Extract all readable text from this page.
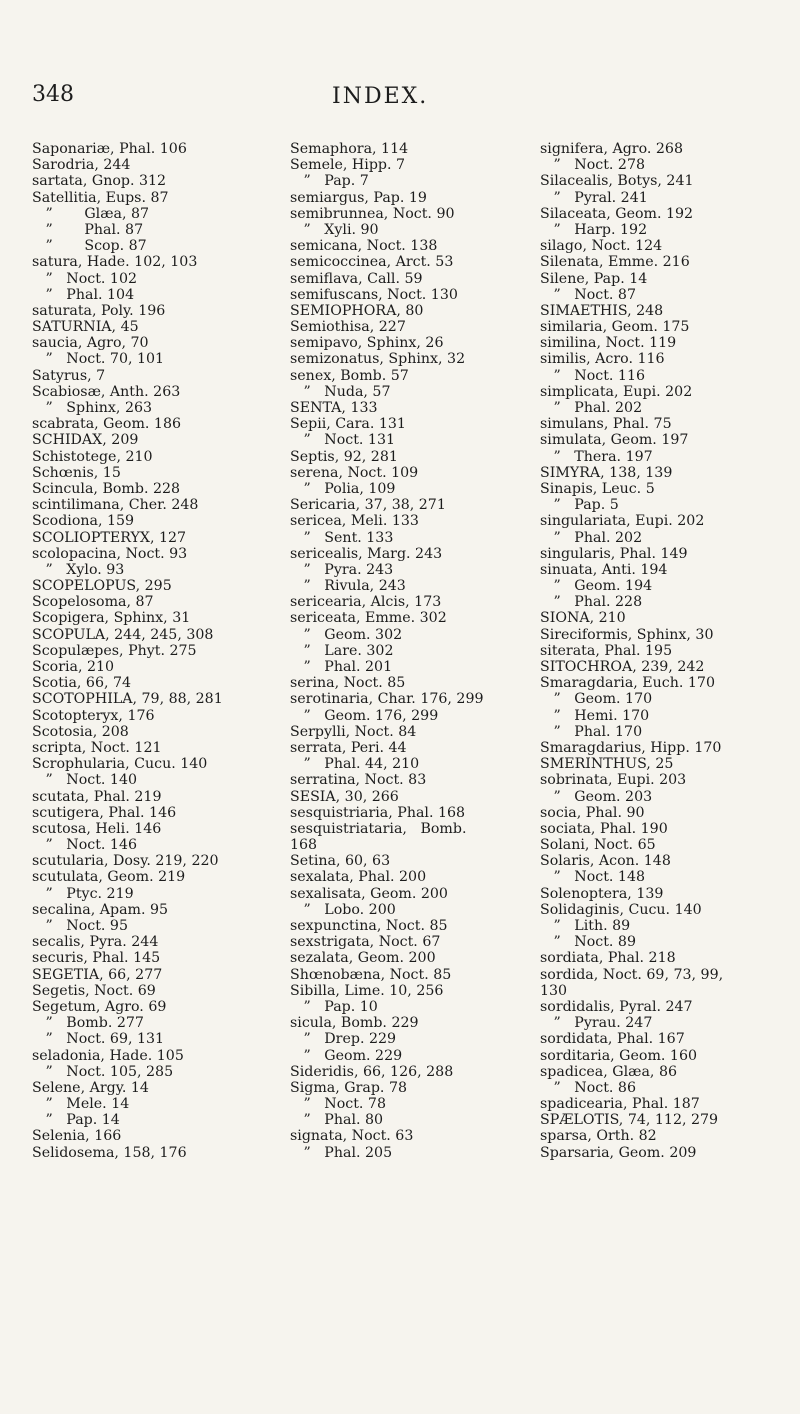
348	INDEX.
Saponariæ, Phal. 106
Sarodria, 244
sartata, Gnop. 312
Satellitia, Eups. 87
”       Glæa, 87
”       Phal. 87
”       Scop. 87
satura, Hade. 102, 103
”   Noct. 102
”   Phal. 104
saturata, Poly. 196
SATURNIA, 45
saucia, Agro, 70
”   Noct. 70, 101
Satyrus, 7
Scabiosæ, Anth. 263
”   Sphinx, 263
scabrata, Geom. 186
SCHIDAX, 209
Schistotege, 210
Schœnis, 15
Scincula, Bomb. 228
scintilimana, Cher. 248
Scodiona, 159
SCOLIOPTERYX, 127
scolopacina, Noct. 93
”   Xylo. 93
SCOPELOPUS, 295
Scopelosoma, 87
Scopigera, Sphinx, 31
SCOPULA, 244, 245, 308
Scopulæpes, Phyt. 275
Scoria, 210
Scotia, 66, 74
SCOTOPHILA, 79, 88, 281
Scotopteryx, 176
Scotosia, 208
scripta, Noct. 121
Scrophularia, Cucu. 140
”   Noct. 140
scutata, Phal. 219
scutigera, Phal. 146
scutosa, Heli. 146
”   Noct. 146
scutularia, Dosy. 219, 220
scutulata, Geom. 219
”   Ptyc. 219
secalina, Apam. 95
”   Noct. 95
secalis, Pyra. 244
securis, Phal. 145
SEGETIA, 66, 277
Segetis, Noct. 69
Segetum, Agro. 69
”   Bomb. 277
”   Noct. 69, 131
seladonia, Hade. 105
”   Noct. 105, 285
Selene, Argy. 14
”   Mele. 14
”   Pap. 14
Selenia, 166
Selidosema, 158, 176
Semaphora, 114
Semele, Hipp. 7
”   Pap. 7
semiargus, Pap. 19
semibrunnea, Noct. 90
”   Xyli. 90
semicana, Noct. 138
semicoccinea, Arct. 53
semiflava, Call. 59
semifuscans, Noct. 130
SEMIOPHORA, 80
Semiothisa, 227
semipavo, Sphinx, 26
semizonatus, Sphinx, 32
senex, Bomb. 57
”   Nuda, 57
SENTA, 133
Sepii, Cara. 131
”   Noct. 131
Septis, 92, 281
serena, Noct. 109
”   Polia, 109
Sericaria, 37, 38, 271
sericea, Meli. 133
”   Sent. 133
sericealis, Marg. 243
”   Pyra. 243
”   Rivula, 243
sericearia, Alcis, 173
sericeata, Emme. 302
”   Geom. 302
”   Lare. 302
”   Phal. 201
serina, Noct. 85
serotinaria, Char. 176, 299
”   Geom. 176, 299
Serpylli, Noct. 84
serrata, Peri. 44
”   Phal. 44, 210
serratina, Noct. 83
SESIA, 30, 266
sesquistriaria, Phal. 168
sesquistriataria,   Bomb.
168
Setina, 60, 63
sexalata, Phal. 200
sexalisata, Geom. 200
”   Lobo. 200
sexpunctina, Noct. 85
sexstrigata, Noct. 67
sezalata, Geom. 200
Shœnobæna, Noct. 85
Sibilla, Lime. 10, 256
”   Pap. 10
sicula, Bomb. 229
”   Drep. 229
”   Geom. 229
Sideridis, 66, 126, 288
Sigma, Grap. 78
”   Noct. 78
”   Phal. 80
signata, Noct. 63
”   Phal. 205
signifera, Agro. 268
”   Noct. 278
Silacealis, Botys, 241
”   Pyral. 241
Silaceata, Geom. 192
”   Harp. 192
silago, Noct. 124
Silenata, Emme. 216
Silene, Pap. 14
”   Noct. 87
SIMAETHIS, 248
similaria, Geom. 175
similina, Noct. 119
similis, Acro. 116
”   Noct. 116
simplicata, Eupi. 202
”   Phal. 202
simulans, Phal. 75
simulata, Geom. 197
”   Thera. 197
SIMYRA, 138, 139
Sinapis, Leuc. 5
”   Pap. 5
singulariata, Eupi. 202
”   Phal. 202
singularis, Phal. 149
sinuata, Anti. 194
”   Geom. 194
”   Phal. 228
SIONA, 210
Sireciformis, Sphinx, 30
siterata, Phal. 195
SITOCHROA, 239, 242
Smaragdaria, Euch. 170
”   Geom. 170
”   Hemi. 170
”   Phal. 170
Smaragdarius, Hipp. 170
SMERINTHUS, 25
sobrinata, Eupi. 203
”   Geom. 203
socia, Phal. 90
sociata, Phal. 190
Solani, Noct. 65
Solaris, Acon. 148
”   Noct. 148
Solenoptera, 139
Solidaginis, Cucu. 140
”   Lith. 89
”   Noct. 89
sordiata, Phal. 218
sordida, Noct. 69, 73, 99,
130
sordidalis, Pyral. 247
”   Pyrau. 247
sordidata, Phal. 167
sorditaria, Geom. 160
spadicea, Glæa, 86
”   Noct. 86
spadicearia, Phal. 187
SPÆLOTIS, 74, 112, 279
sparsa, Orth. 82
Sparsaria, Geom. 209
